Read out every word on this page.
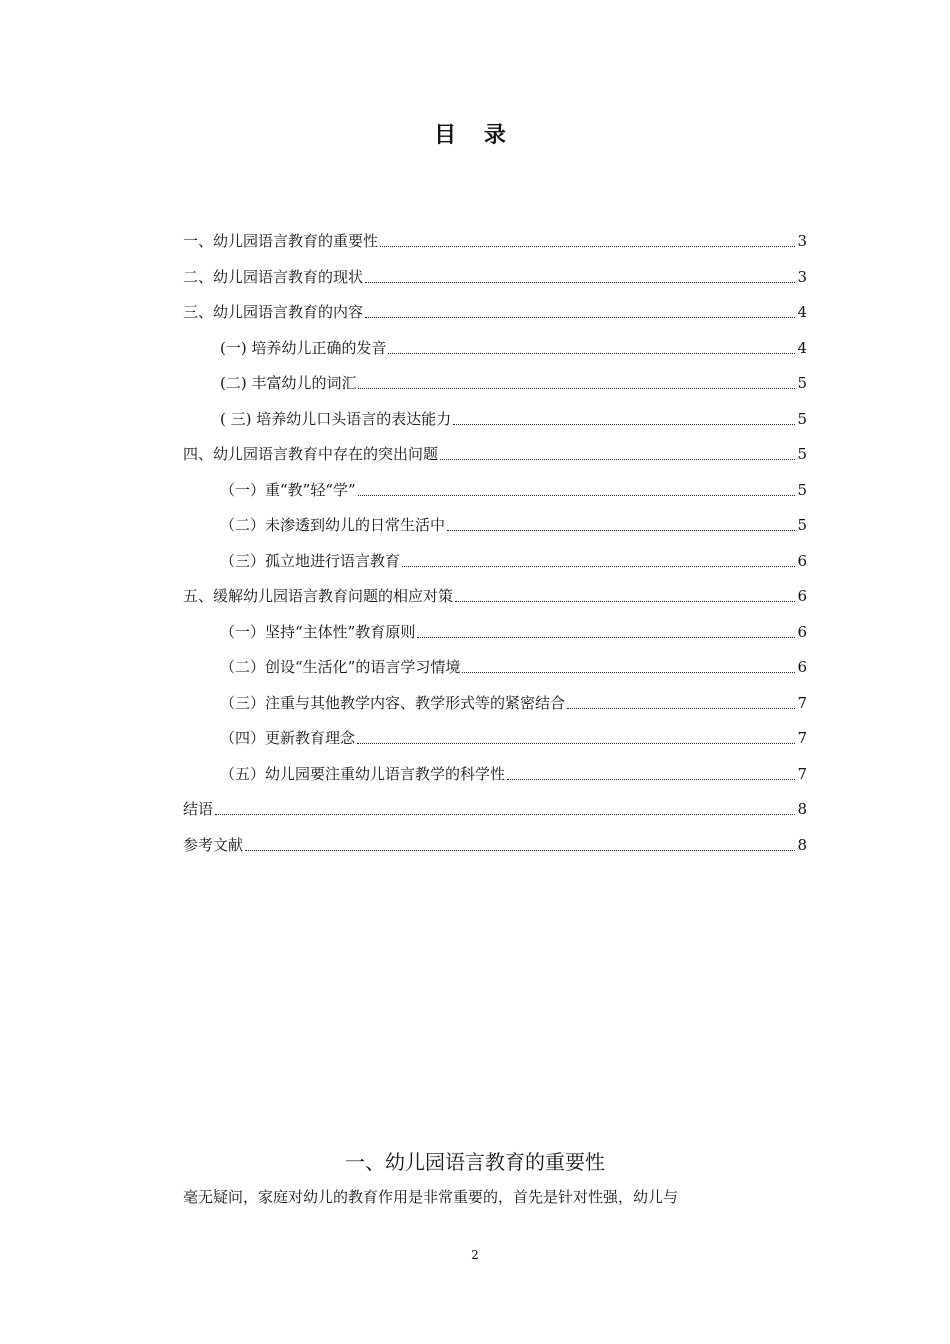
目 录
一、幼儿园语言教育的重要性	3
二、幼儿园语言教育的现状	3
三、幼儿园语言教育的内容	4
(一) 培养幼儿正确的发音	4
(二) 丰富幼儿的词汇	5
( 三) 培养幼儿口头语言的表达能力	5
四、幼儿园语言教育中存在的突出问题	5
（一）重“教”轻“学”	5
（二）未渗透到幼儿的日常生活中	5
（三）孤立地进行语言教育	6
五、缓解幼儿园语言教育问题的相应对策	6
（一）坚持“主体性”教育原则	6
（二）创设“生活化”的语言学习情境	6
（三）注重与其他教学内容、教学形式等的紧密结合	7
（四）更新教育理念	7
（五）幼儿园要注重幼儿语言教学的科学性	7
结语	8
参考文献	8
一、幼儿园语言教育的重要性
毫无疑问，家庭对幼儿的教育作用是非常重要的，首先是针对性强，幼儿与
2
